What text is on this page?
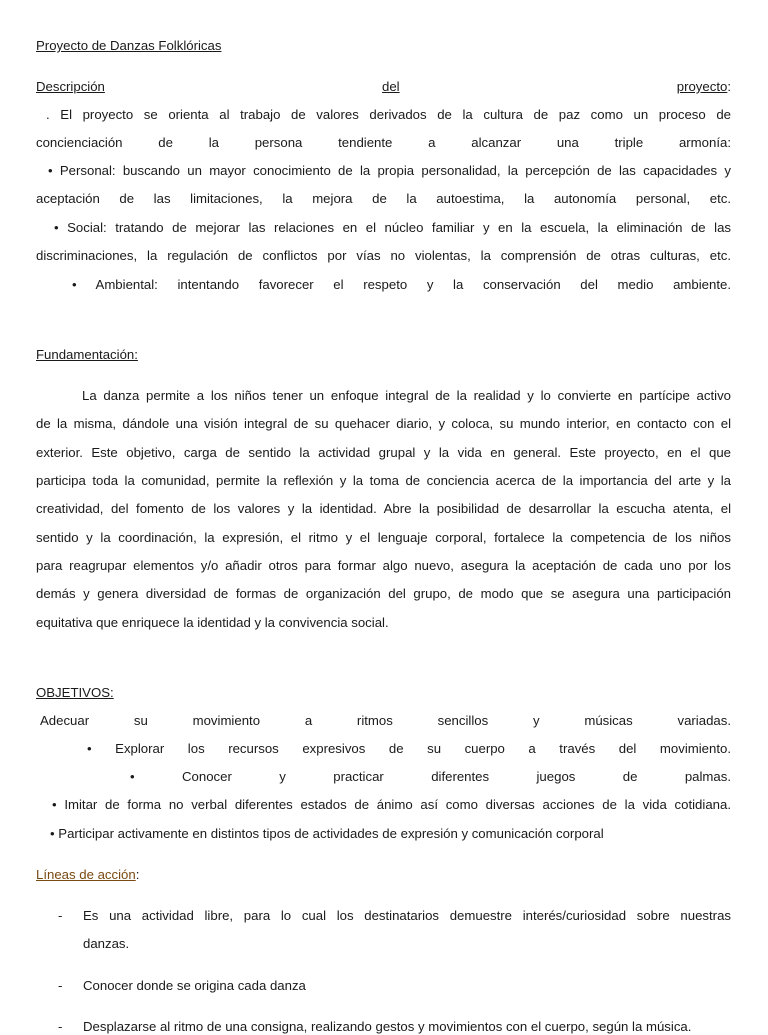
Proyecto de Danzas Folklóricas
Descripción	del	proyecto:
. El proyecto se orienta al trabajo de valores derivados de la cultura de paz como un proceso de
concienciación de la persona tendiente a alcanzar una triple armonía:
• Personal: buscando un mayor conocimiento de la propia personalidad, la percepción de las capacidades y
aceptación de las limitaciones, la mejora de la autoestima, la autonomía personal, etc.
• Social: tratando de mejorar las relaciones en el núcleo familiar y en la escuela, la eliminación de las
discriminaciones, la regulación de conflictos por vías no violentas, la comprensión de otras culturas, etc.
• Ambiental: intentando favorecer el respeto y la conservación del medio ambiente.
Fundamentación:
La danza permite a los niños tener un enfoque integral de la realidad y lo convierte en partícipe activo
de la misma, dándole una visión integral de su quehacer diario, y coloca, su mundo interior, en contacto con el
exterior. Este objetivo, carga de sentido la actividad grupal y la vida en general. Este proyecto, en el que
participa toda la comunidad, permite la reflexión y la toma de conciencia acerca de la importancia del arte y la
creatividad, del fomento de los valores y la identidad. Abre la posibilidad de desarrollar la escucha atenta, el
sentido y la coordinación, la expresión, el ritmo y el lenguaje corporal, fortalece la competencia de los niños
para reagrupar elementos y/o añadir otros para formar algo nuevo, asegura la aceptación de cada uno por los
demás y genera diversidad de formas de organización del grupo, de modo que se asegura una participación
equitativa que enriquece la identidad y la convivencia social.
OBJETIVOS:
Adecuar su movimiento a ritmos sencillos y músicas variadas.
• Explorar los recursos expresivos de su cuerpo a través del movimiento.
• Conocer y practicar diferentes juegos de palmas.
• Imitar de forma no verbal diferentes estados de ánimo así como diversas acciones de la vida cotidiana.
• Participar activamente en distintos tipos de actividades de expresión y comunicación corporal
Líneas de acción:
- Es una actividad libre, para lo cual los destinatarios demuestre interés/curiosidad sobre nuestras
danzas.
- Conocer donde se origina cada danza
- Desplazarse al ritmo de una consigna, realizando gestos y movimientos con el cuerpo, según la música.
